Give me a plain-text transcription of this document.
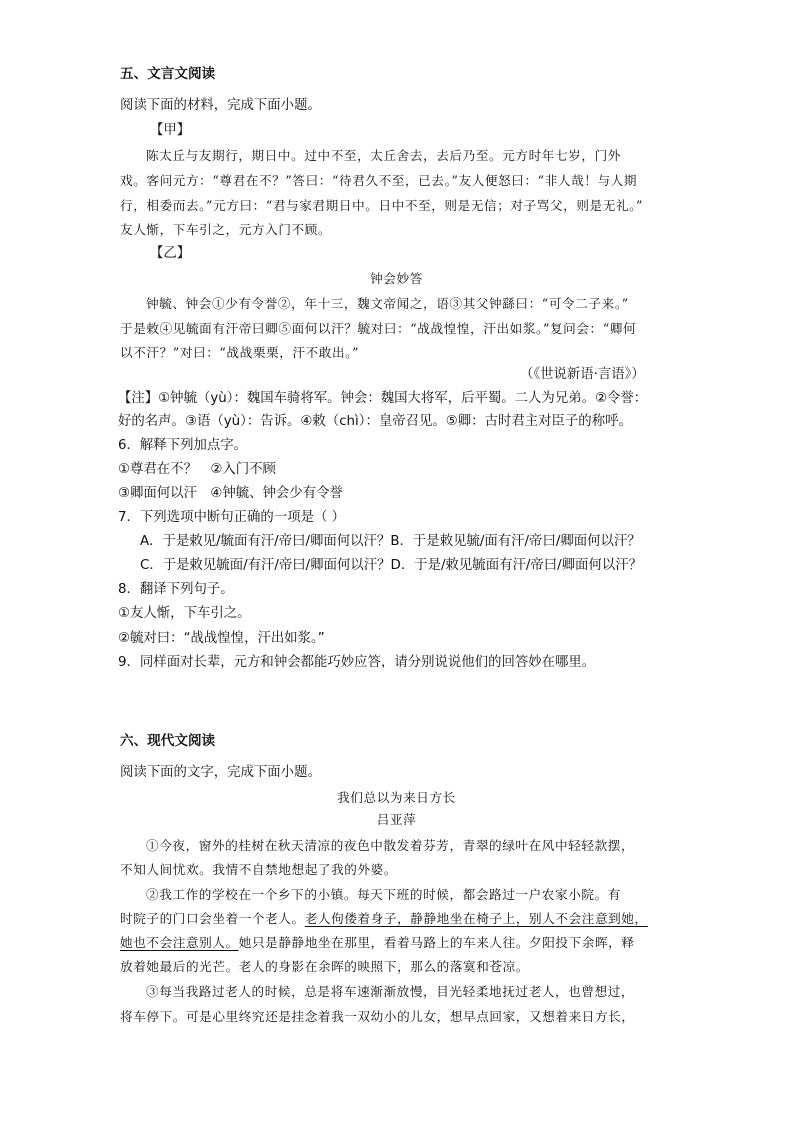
五、文言文阅读
阅读下面的材料，完成下面小题。
【甲】
陈太丘与友期行，期日中。过中不至，太丘舍去，去后乃至。元方时年七岁，门外
戏。客问元方：“尊君在不？”答曰：“待君久不至，已去。”友人便怒曰：“非人哉！与人期
行，相委而去。”元方曰：“君与家君期日中。日中不至，则是无信；对子骂父，则是无礼。”
友人惭，下车引之，元方入门不顾。
【乙】
钟会妙答
钟毓、钟会①少有令誉②，年十三，魏文帝闻之，语③其父钟繇曰：“可令二子来。”
于是敕④见毓面有汗帝曰卿⑤面何以汗？毓对曰：“战战惶惶，汗出如浆。”复问会：“卿何
以不汗？”对曰：“战战栗栗，汗不敢出。”
（《世说新语·言语》）
【注】①钟毓（yù）：魏国车骑将军。钟会：魏国大将军，后平蜀。二人为兄弟。②令誉：
好的名声。③语（yù）：告诉。④敕（chì）：皇帝召见。⑤卿：古时君主对臣子的称呼。
6．解释下列加点字。
①尊君在不？　②入门不顾
③卿面何以汗　④钟毓、钟会少有令誉
7．下列选项中断句正确的一项是（ ）
A．于是敕见/毓面有汗/帝曰/卿面何以汗？B．于是敕见毓/面有汗/帝曰/卿面何以汗？
C．于是敕见毓面/有汗/帝曰/卿面何以汗？D．于是/敕见毓面有汗/帝曰/卿面何以汗？
8．翻译下列句子。
①友人惭，下车引之。
②毓对曰：“战战惶惶，汗出如浆。”
9．同样面对长辈，元方和钟会都能巧妙应答，请分别说说他们的回答妙在哪里。
六、现代文阅读
阅读下面的文字，完成下面小题。
我们总以为来日方长
吕亚萍
①今夜，窗外的桂树在秋天清凉的夜色中散发着芬芳，青翠的绿叶在风中轻轻款摆，
不知人间忧欢。我情不自禁地想起了我的外婆。
②我工作的学校在一个乡下的小镇。每天下班的时候，都会路过一户农家小院。有
时院子的门口会坐着一个老人。老人佝偻着身子，静静地坐在椅子上，别人不会注意到她，
她也不会注意别人。她只是静静地坐在那里，看着马路上的车来人往。夕阳投下余晖，释
放着她最后的光芒。老人的身影在余晖的映照下，那么的落寞和苍凉。
③每当我路过老人的时候，总是将车速渐渐放慢，目光轻柔地抚过老人，也曾想过，
将车停下。可是心里终究还是挂念着我一双幼小的儿女，想早点回家，又想着来日方长，
